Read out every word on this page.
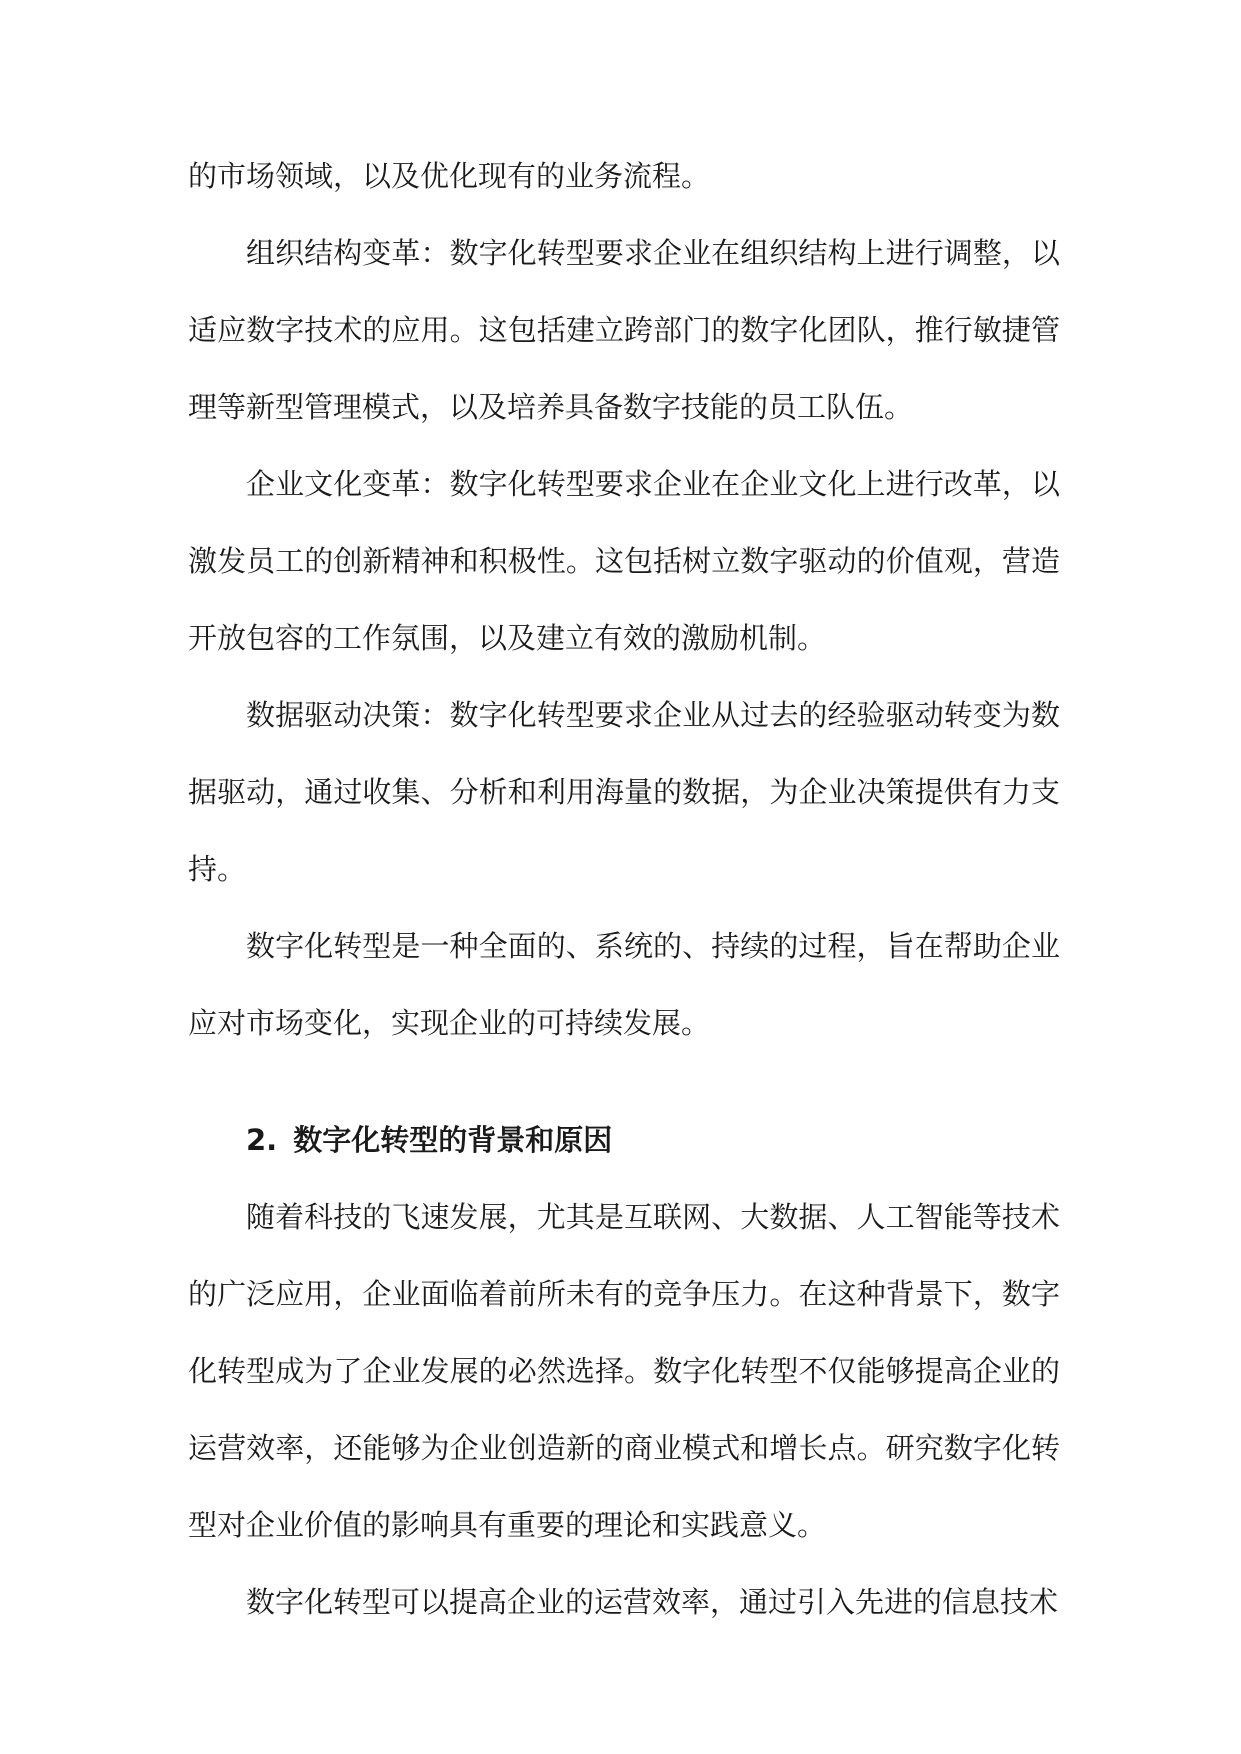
的市场领域，以及优化现有的业务流程。

组织结构变革：数字化转型要求企业在组织结构上进行调整，以适应数字技术的应用。这包括建立跨部门的数字化团队，推行敏捷管理等新型管理模式，以及培养具备数字技能的员工队伍。

企业文化变革：数字化转型要求企业在企业文化上进行改革，以激发员工的创新精神和积极性。这包括树立数字驱动的价值观，营造开放包容的工作氛围，以及建立有效的激励机制。

数据驱动决策：数字化转型要求企业从过去的经验驱动转变为数据驱动，通过收集、分析和利用海量的数据，为企业决策提供有力支持。

数字化转型是一种全面的、系统的、持续的过程，旨在帮助企业应对市场变化，实现企业的可持续发展。

2. 数字化转型的背景和原因

随着科技的飞速发展，尤其是互联网、大数据、人工智能等技术的广泛应用，企业面临着前所未有的竞争压力。在这种背景下，数字化转型成为了企业发展的必然选择。数字化转型不仅能够提高企业的运营效率，还能够为企业创造新的商业模式和增长点。研究数字化转型对企业价值的影响具有重要的理论和实践意义。

数字化转型可以提高企业的运营效率，通过引入先进的信息技术
